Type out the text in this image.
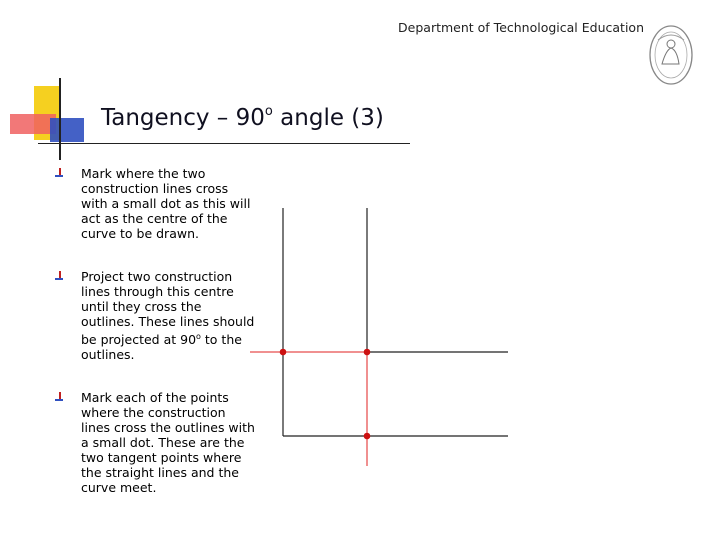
Department of Technological Education
Tangency – 90$^o$ angle (3)
Mark where the two construction lines cross with a small dot as this will act as the centre of the curve to be drawn.
Project two construction lines through this centre until they cross the outlines. These lines should be projected at 90$^o$ to the outlines.
Mark each of the points where the construction lines cross the outlines with a small dot. These are the two tangent points where the straight lines and the curve meet.
